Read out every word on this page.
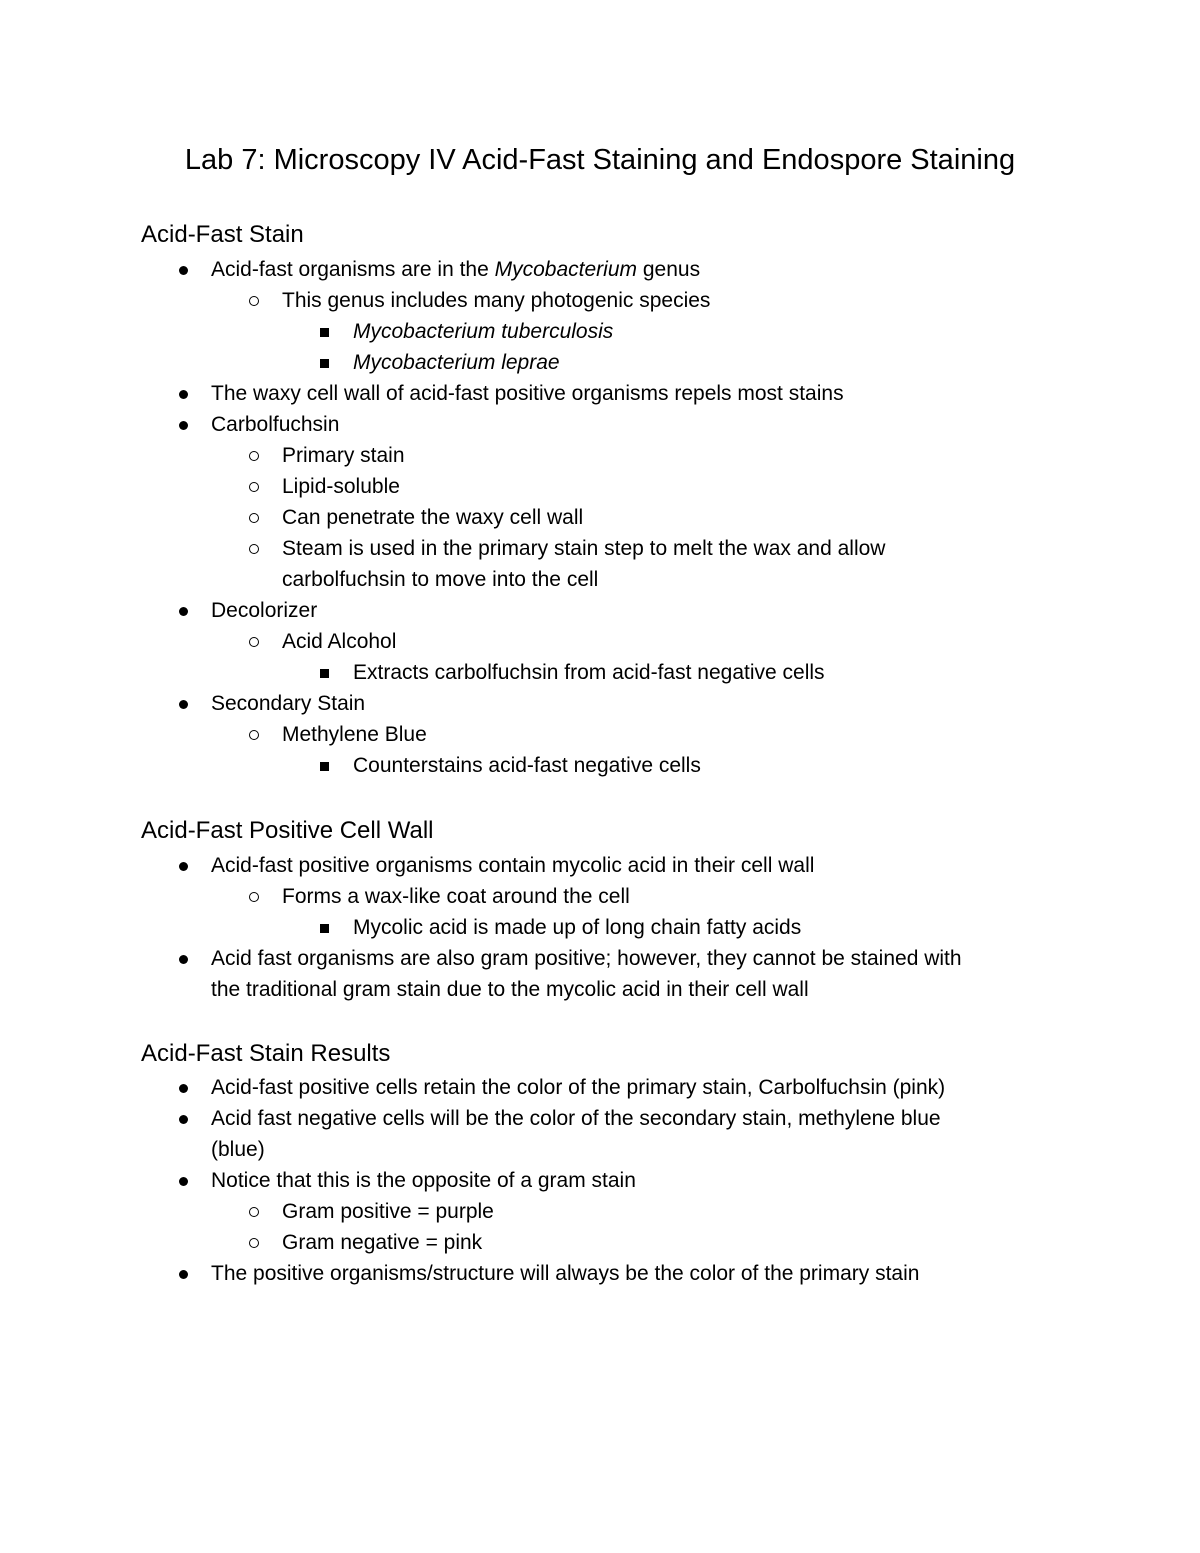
Lab 7: Microscopy IV Acid-Fast Staining and Endospore Staining
Acid-Fast Stain
Acid-fast organisms are in the Mycobacterium genus
This genus includes many photogenic species
Mycobacterium tuberculosis
Mycobacterium leprae
The waxy cell wall of acid-fast positive organisms repels most stains
Carbolfuchsin
Primary stain
Lipid-soluble
Can penetrate the waxy cell wall
Steam is used in the primary stain step to melt the wax and allow
carbolfuchsin to move into the cell
Decolorizer
Acid Alcohol
Extracts carbolfuchsin from acid-fast negative cells
Secondary Stain
Methylene Blue
Counterstains acid-fast negative cells
Acid-Fast Positive Cell Wall
Acid-fast positive organisms contain mycolic acid in their cell wall
Forms a wax-like coat around the cell
Mycolic acid is made up of long chain fatty acids
Acid fast organisms are also gram positive; however, they cannot be stained with
the traditional gram stain due to the mycolic acid in their cell wall
Acid-Fast Stain Results
Acid-fast positive cells retain the color of the primary stain, Carbolfuchsin (pink)
Acid fast negative cells will be the color of the secondary stain, methylene blue
(blue)
Notice that this is the opposite of a gram stain
Gram positive = purple
Gram negative = pink
The positive organisms/structure will always be the color of the primary stain
